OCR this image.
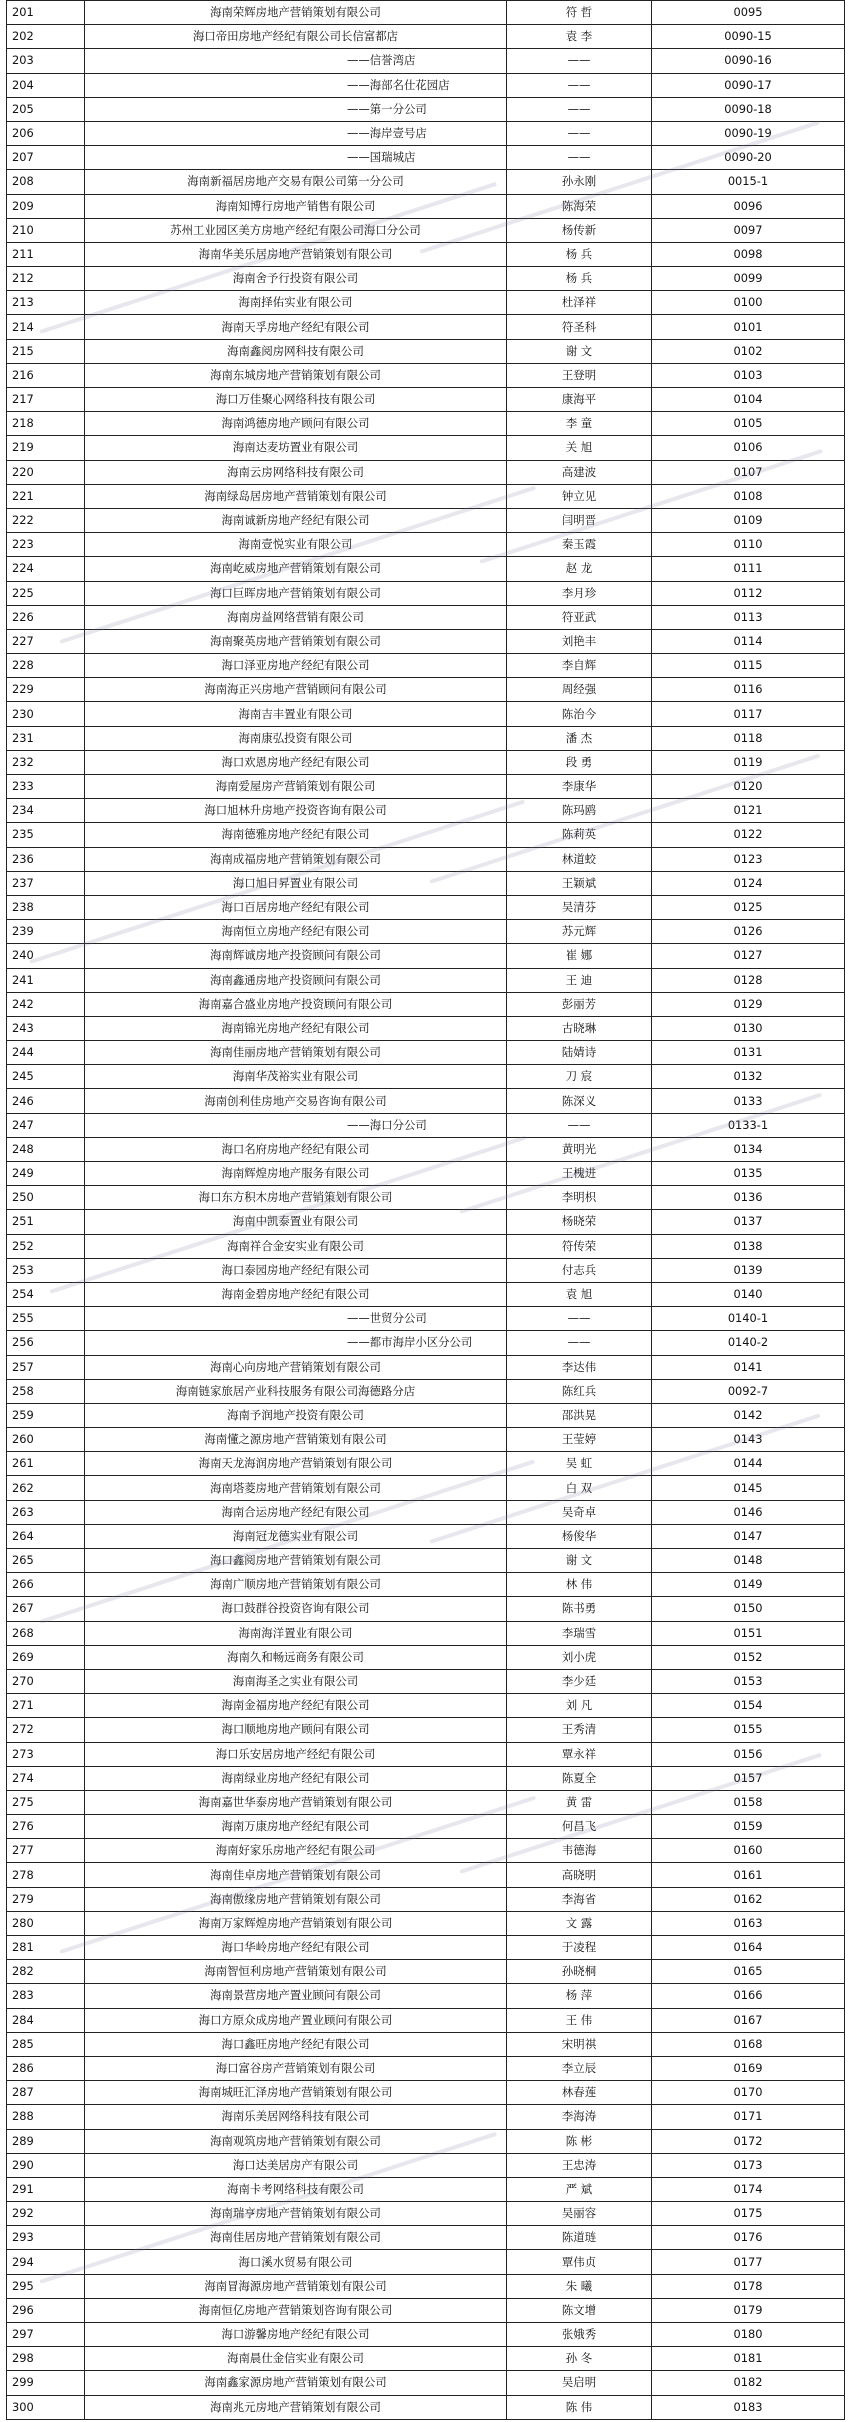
201	海南荣辉房地产营销策划有限公司	符 哲	0095
202	海口帝田房地产经纪有限公司长信富都店	袁 李	0090-15
203	——信誉湾店	——	0090-16
204	——海部名仕花园店	——	0090-17
205	——第一分公司	——	0090-18
206	——海岸壹号店	——	0090-19
207	——国瑞城店	——	0090-20
208	海南新福居房地产交易有限公司第一分公司	孙永刚	0015-1
209	海南知博行房地产销售有限公司	陈海荣	0096
210	苏州工业园区美方房地产经纪有限公司海口分公司	杨传新	0097
211	海南华美乐居房地产营销策划有限公司	杨 兵	0098
212	海南舍予行投资有限公司	杨 兵	0099
213	海南择佑实业有限公司	杜泽祥	0100
214	海南天孚房地产经纪有限公司	符圣科	0101
215	海南鑫阅房网科技有限公司	谢 文	0102
216	海南东城房地产营销策划有限公司	王登明	0103
217	海口万佳聚心网络科技有限公司	康海平	0104
218	海南鸿德房地产顾问有限公司	李 童	0105
219	海南达麦坊置业有限公司	关 旭	0106
220	海南云房网络科技有限公司	高建波	0107
221	海南绿岛居房地产营销策划有限公司	钟立见	0108
222	海南诚新房地产经纪有限公司	闫明晋	0109
223	海南壹悦实业有限公司	秦玉霞	0110
224	海南屹威房地产营销策划有限公司	赵 龙	0111
225	海口巨晖房地产营销策划有限公司	李月珍	0112
226	海南房益网络营销有限公司	符亚武	0113
227	海南聚英房地产营销策划有限公司	刘艳丰	0114
228	海口泽亚房地产经纪有限公司	李自辉	0115
229	海南海正兴房地产营销顾问有限公司	周经强	0116
230	海南吉丰置业有限公司	陈治今	0117
231	海南康弘投资有限公司	潘 杰	0118
232	海口欢恩房地产经纪有限公司	段 勇	0119
233	海南爱屋房产营销策划有限公司	李康华	0120
234	海口旭林升房地产投资咨询有限公司	陈玛鸥	0121
235	海南德雅房地产经纪有限公司	陈莉英	0122
236	海南成福房地产营销策划有限公司	林道蛟	0123
237	海口旭日昇置业有限公司	王颖斌	0124
238	海口百居房地产经纪有限公司	吴清芬	0125
239	海南恒立房地产经纪有限公司	苏元辉	0126
240	海南辉诚房地产投资顾问有限公司	崔 娜	0127
241	海南鑫通房地产投资顾问有限公司	王 迪	0128
242	海南嘉合盛业房地产投资顾问有限公司	彭丽芳	0129
243	海南锦光房地产经纪有限公司	古晓琳	0130
244	海南佳丽房地产营销策划有限公司	陆婧诗	0131
245	海南华茂裕实业有限公司	刀 宸	0132
246	海南创利佳房地产交易咨询有限公司	陈深义	0133
247	——海口分公司	——	0133-1
248	海口名府房地产经纪有限公司	黄明光	0134
249	海南辉煌房地产服务有限公司	王槐进	0135
250	海口东方积木房地产营销策划有限公司	李明枳	0136
251	海南中凯泰置业有限公司	杨晓荣	0137
252	海南祥合金安实业有限公司	符传荣	0138
253	海口泰园房地产经纪有限公司	付志兵	0139
254	海南金碧房地产经纪有限公司	袁 旭	0140
255	——世贸分公司	——	0140-1
256	——都市海岸小区分公司	——	0140-2
257	海南心向房地产营销策划有限公司	李达伟	0141
258	海南链家旅居产业科技服务有限公司海德路分店	陈红兵	0092-7
259	海南予润地产投资有限公司	邵洪晃	0142
260	海南懂之源房地产营销策划有限公司	王莹婷	0143
261	海南天龙海润房地产营销策划有限公司	吴 虹	0144
262	海南塔菱房地产营销策划有限公司	白 双	0145
263	海南合运房地产经纪有限公司	吴奇卓	0146
264	海南冠龙德实业有限公司	杨俊华	0147
265	海口鑫阅房地产营销策划有限公司	谢 文	0148
266	海南广顺房地产营销策划有限公司	林 伟	0149
267	海口鼓群谷投资咨询有限公司	陈书勇	0150
268	海南海洋置业有限公司	李瑞雪	0151
269	海南久和畅远商务有限公司	刘小虎	0152
270	海南海圣之实业有限公司	李少廷	0153
271	海南金福房地产经纪有限公司	刘 凡	0154
272	海口顺地房地产顾问有限公司	王秀清	0155
273	海口乐安居房地产经纪有限公司	覃永祥	0156
274	海南绿业房地产经纪有限公司	陈夏全	0157
275	海南嘉世华泰房地产营销策划有限公司	黄 雷	0158
276	海南万康房地产经纪有限公司	何昌飞	0159
277	海南好家乐房地产经纪有限公司	韦德海	0160
278	海南佳卓房地产营销策划有限公司	高晓明	0161
279	海南傲缘房地产营销策划有限公司	李海省	0162
280	海南万家辉煌房地产营销策划有限公司	文 露	0163
281	海口华岭房地产经纪有限公司	于凌程	0164
282	海南智恒利房地产营销策划有限公司	孙晓桐	0165
283	海南景营房地产置业顾问有限公司	杨 萍	0166
284	海口方原众成房地产置业顾问有限公司	王 伟	0167
285	海口鑫旺房地产经纪有限公司	宋明祺	0168
286	海口富谷房产营销策划有限公司	李立辰	0169
287	海南城旺汇泽房地产营销策划有限公司	林春莲	0170
288	海南乐美居网络科技有限公司	李海涛	0171
289	海南观筑房地产营销策划有限公司	陈 彬	0172
290	海口达美居房产有限公司	王忠涛	0173
291	海南卡考网络科技有限公司	严 斌	0174
292	海南瑞亨房地产营销策划有限公司	吴丽容	0175
293	海南佳居房地产营销策划有限公司	陈道琏	0176
294	海口溪水贸易有限公司	覃伟贞	0177
295	海南冒海源房地产营销策划有限公司	朱 曦	0178
296	海南恒亿房地产营销策划咨询有限公司	陈文增	0179
297	海口游馨房地产经纪有限公司	张娥秀	0180
298	海南晨仕金信实业有限公司	孙 冬	0181
299	海南鑫家源房地产营销策划有限公司	吴启明	0182
300	海南兆元房地产营销策划有限公司	陈 伟	0183
